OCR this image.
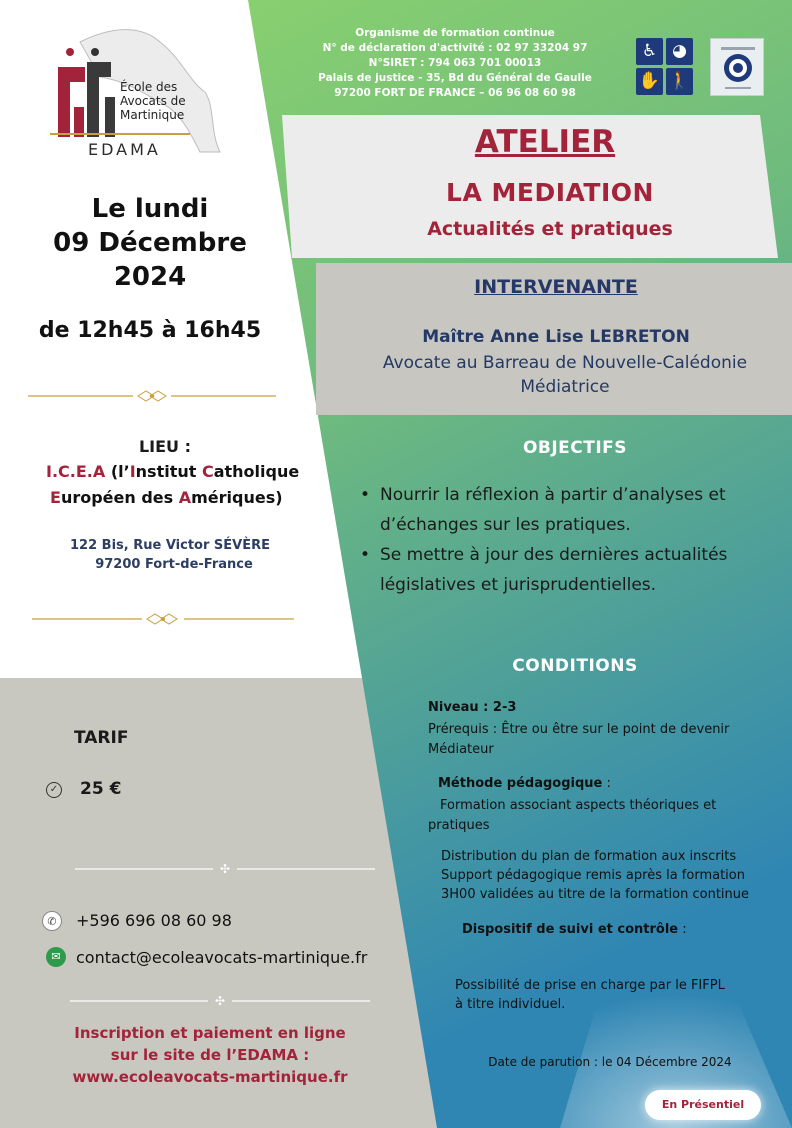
École des
Avocats de
Martinique
EDAMA
Le lundi
09 Décembre
2024
de 12h45 à 16h45
LIEU :
I.C.E.A (l’Institut Catholique
Européen des Amériques)
122 Bis, Rue Victor SÉVÈRE
97200 Fort-de-France
Organisme de formation continue
N° de déclaration d'activité : 02 97 33204 97
N°SIRET : 794 063 701 00013
Palais de justice - 35, Bd du Général de Gaulle
97200 FORT DE FRANCE – 06 96 08 60 98
♿ ◕
✋ 🚶
ATELIER
LA MEDIATION
Actualités et pratiques
INTERVENANTE
Maître Anne Lise LEBRETON
Avocate au Barreau de Nouvelle-Calédonie
Médiatrice
OBJECTIFS
• Nourrir la réflexion à partir d’analyses et d’échanges sur les pratiques.
• Se mettre à jour des dernières actualités législatives et jurisprudentielles.
CONDITIONS
Niveau : 2-3
Prérequis : Être ou être sur le point de devenir Médiateur
Méthode pédagogique :
Formation associant aspects théoriques et pratiques
Distribution du plan de formation aux inscrits
Support pédagogique remis après la formation
3H00 validées au titre de la formation continue
Dispositif de suivi et contrôle :
Possibilité de prise en charge par le FIFPL
à titre individuel.
TARIF
✓ 25 €
✣
✆	+596 696 08 60 98
✉ contact@ecoleavocats-martinique.fr
✣
Inscription et paiement en ligne
sur le site de l’EDAMA :
www.ecoleavocats-martinique.fr
Date de parution : le 04 Décembre 2024
En Présentiel
